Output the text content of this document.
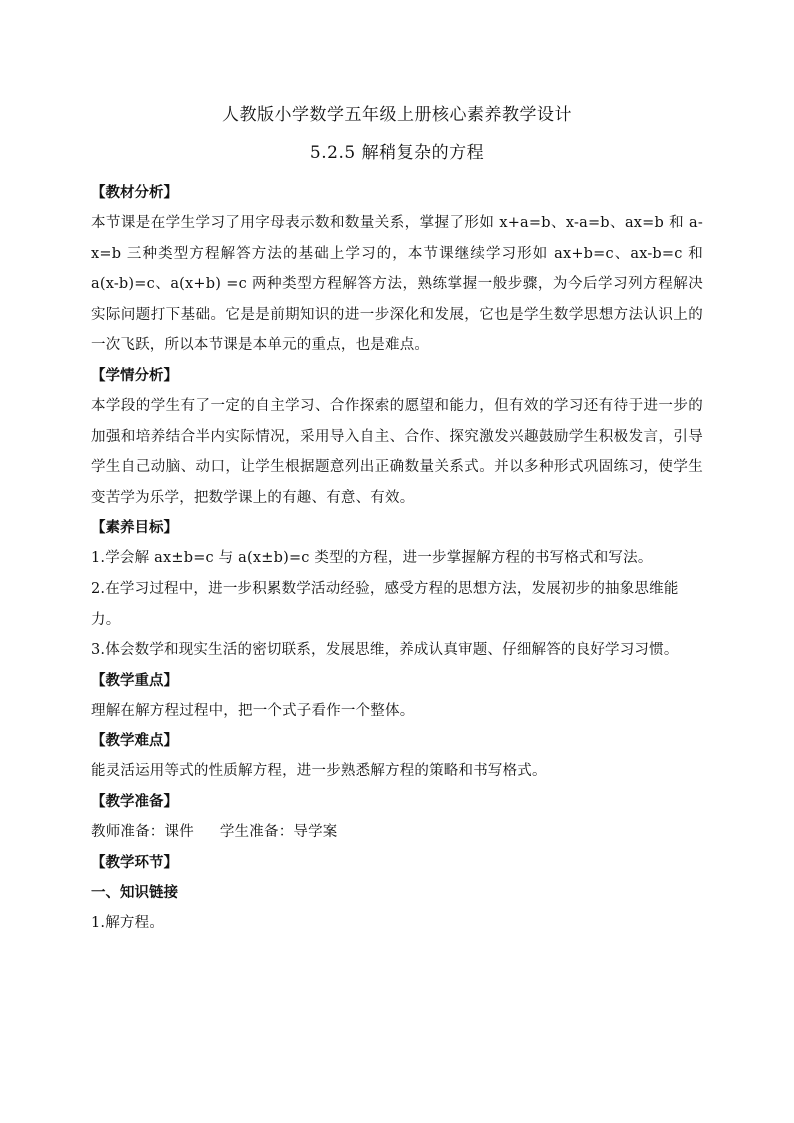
人教版小学数学五年级上册核心素养教学设计

5.2.5 解稍复杂的方程

【教材分析】

本节课是在学生学习了用字母表示数和数量关系，掌握了形如 x+a=b、x-a=b、ax=b 和 a-x=b 三种类型方程解答方法的基础上学习的，本节课继续学习形如 ax+b=c、ax-b=c 和 a(x-b)=c、a(x+b) =c 两种类型方程解答方法，熟练掌握一般步骤，为今后学习列方程解决实际问题打下基础。它是是前期知识的进一步深化和发展，它也是学生数学思想方法认识上的一次飞跃，所以本节课是本单元的重点，也是难点。

【学情分析】

本学段的学生有了一定的自主学习、合作探索的愿望和能力，但有效的学习还有待于进一步的加强和培养结合半内实际情况，采用导入自主、合作、探究激发兴趣鼓励学生积极发言，引导学生自己动脑、动口，让学生根据题意列出正确数量关系式。并以多种形式巩固练习，使学生变苦学为乐学，把数学课上的有趣、有意、有效。

【素养目标】

1.学会解 ax±b=c 与 a(x±b)=c 类型的方程，进一步掌握解方程的书写格式和写法。

2.在学习过程中，进一步积累数学活动经验，感受方程的思想方法，发展初步的抽象思维能力。

3.体会数学和现实生活的密切联系，发展思维，养成认真审题、仔细解答的良好学习习惯。

【教学重点】

理解在解方程过程中，把一个式子看作一个整体。

【教学难点】

能灵活运用等式的性质解方程，进一步熟悉解方程的策略和书写格式。

【教学准备】

教师准备：课件 学生准备：导学案

【教学环节】

一、知识链接

1.解方程。
